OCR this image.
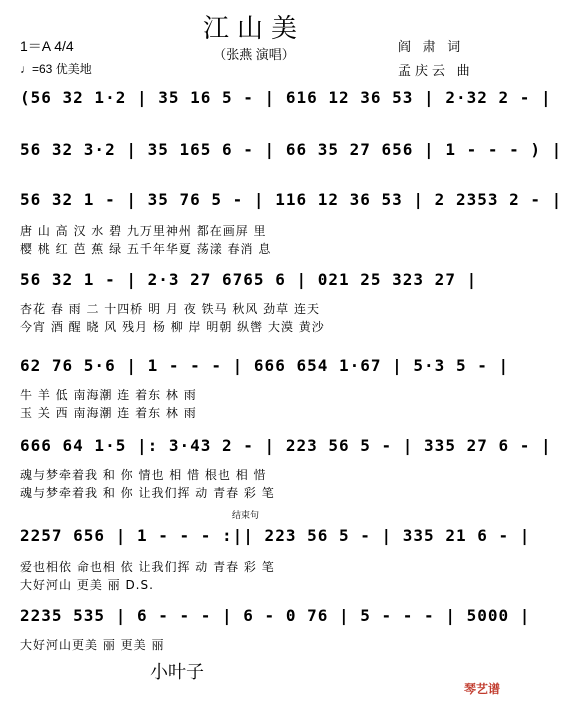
江山美
（张燕 演唱）
1＝A 4/4
♩=63 优美地
阎 肃 词
孟庆云 曲
(56 32 1·2 | 35 16 5 - | 616 12 36 53 | 2·32 2 - |
56 32 3·2 | 35 165 6 - | 66 35 27 656 | 1 - - - ) |
56 32 1 - | 35 76 5 - | 116 12 36 53 | 2 2353 2 - |
唐 山 高 汉 水 碧 九万里神州 都在画屏 里
樱 桃 红 芭 蕉 绿 五千年华夏 荡漾 春消 息
56 32 1 - | 2·3 27 6765 6 | 021 25 323 27 |
杏花 春 雨 二 十四桥 明 月 夜 铁马 秋风 劲草 连天
今宵 酒 醒 晓 风 残月 杨 柳 岸 明朝 纵辔 大漠 黄沙
62 76 5·6 | 1 - - - | 666 654 1·67 | 5·3 5 - |
牛 羊 低 南海潮 连 着东 林 雨
玉 关 西 南海潮 连 着东 林 雨
666 64 1·5 |: 3·43 2 - | 223 56 5 - | 335 27 6 - |
魂与梦牵着我 和 你 情也 相 惜 根也 相 惜
魂与梦牵着我 和 你 让我们挥 动 青春 彩 笔
结束句
2257 656 | 1 - - - :|| 223 56 5 - | 335 21 6 - |
爱也相依 命也相 依 让我们挥 动 青春 彩 笔
大好河山 更美 丽 D.S.
2235 535 | 6 - - - | 6 - 0 76 | 5 - - - | 5000 |
大好河山更美 丽 更美 丽
小叶子
琴艺谱
